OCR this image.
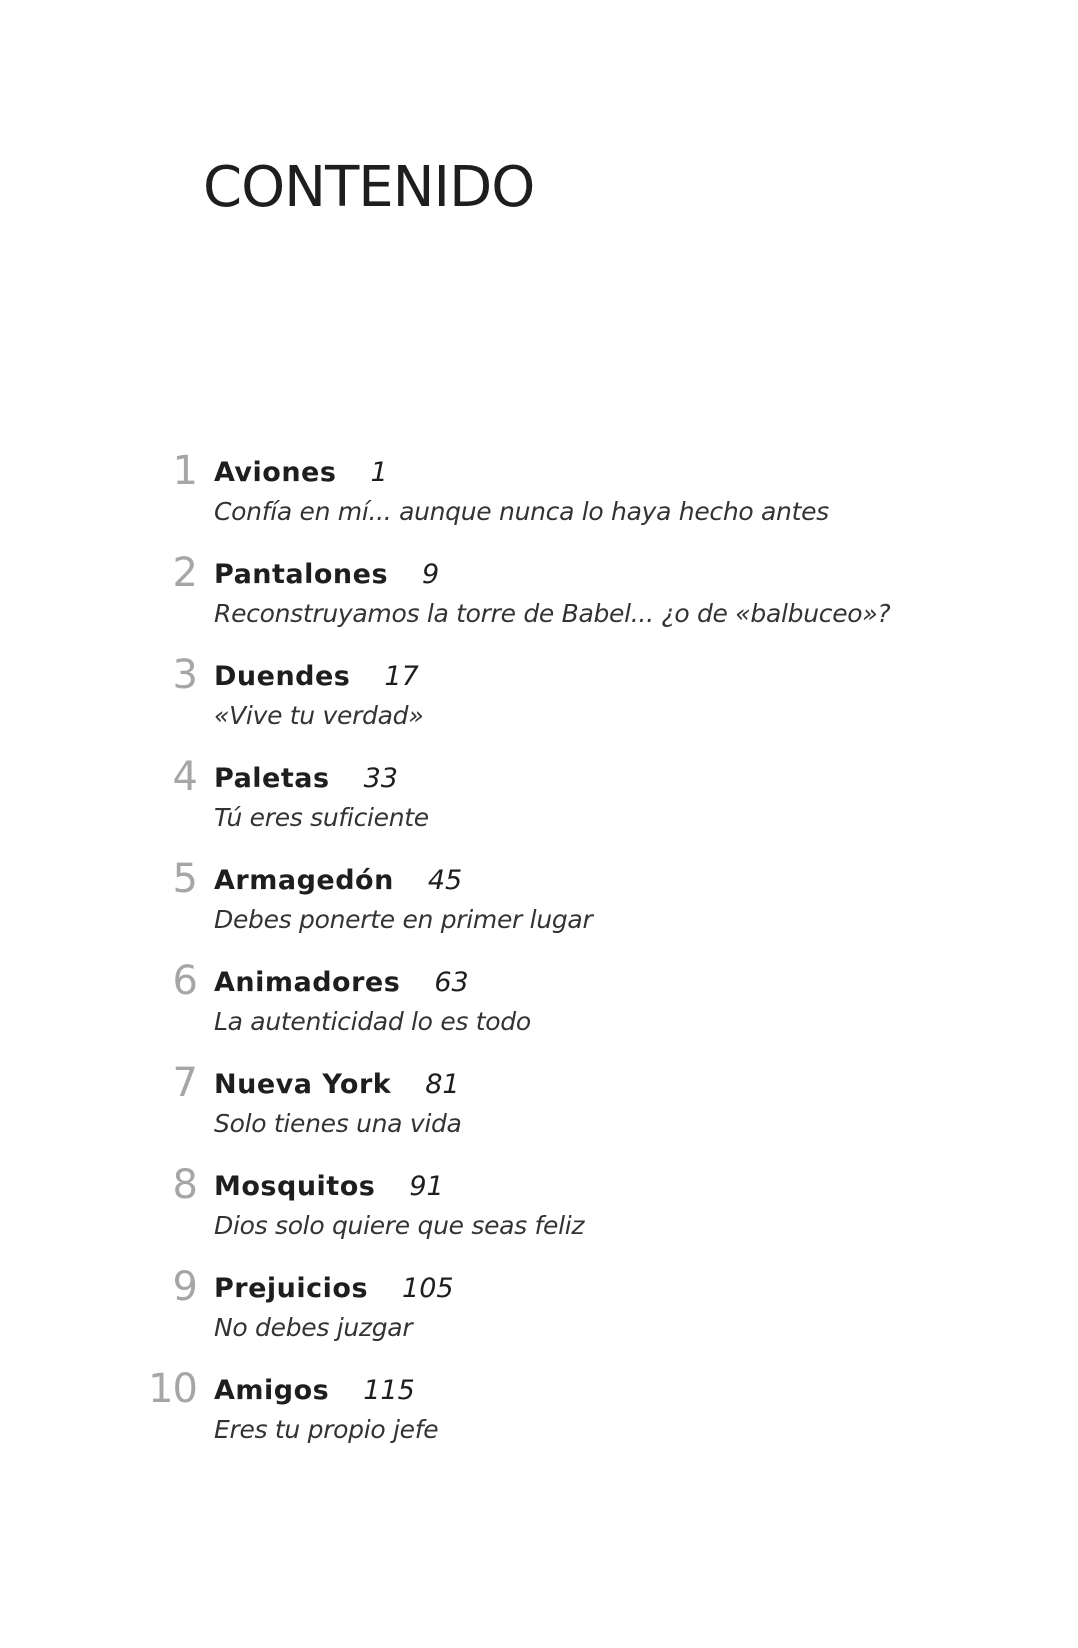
CONTENIDO
1 Aviones 1
Confía en mí... aunque nunca lo haya hecho antes
2 Pantalones 9
Reconstruyamos la torre de Babel... ¿o de «balbuceo»?
3 Duendes 17
«Vive tu verdad»
4 Paletas 33
Tú eres suficiente
5 Armagedón 45
Debes ponerte en primer lugar
6 Animadores 63
La autenticidad lo es todo
7 Nueva York 81
Solo tienes una vida
8 Mosquitos 91
Dios solo quiere que seas feliz
9 Prejuicios 105
No debes juzgar
10 Amigos 115
Eres tu propio jefe
